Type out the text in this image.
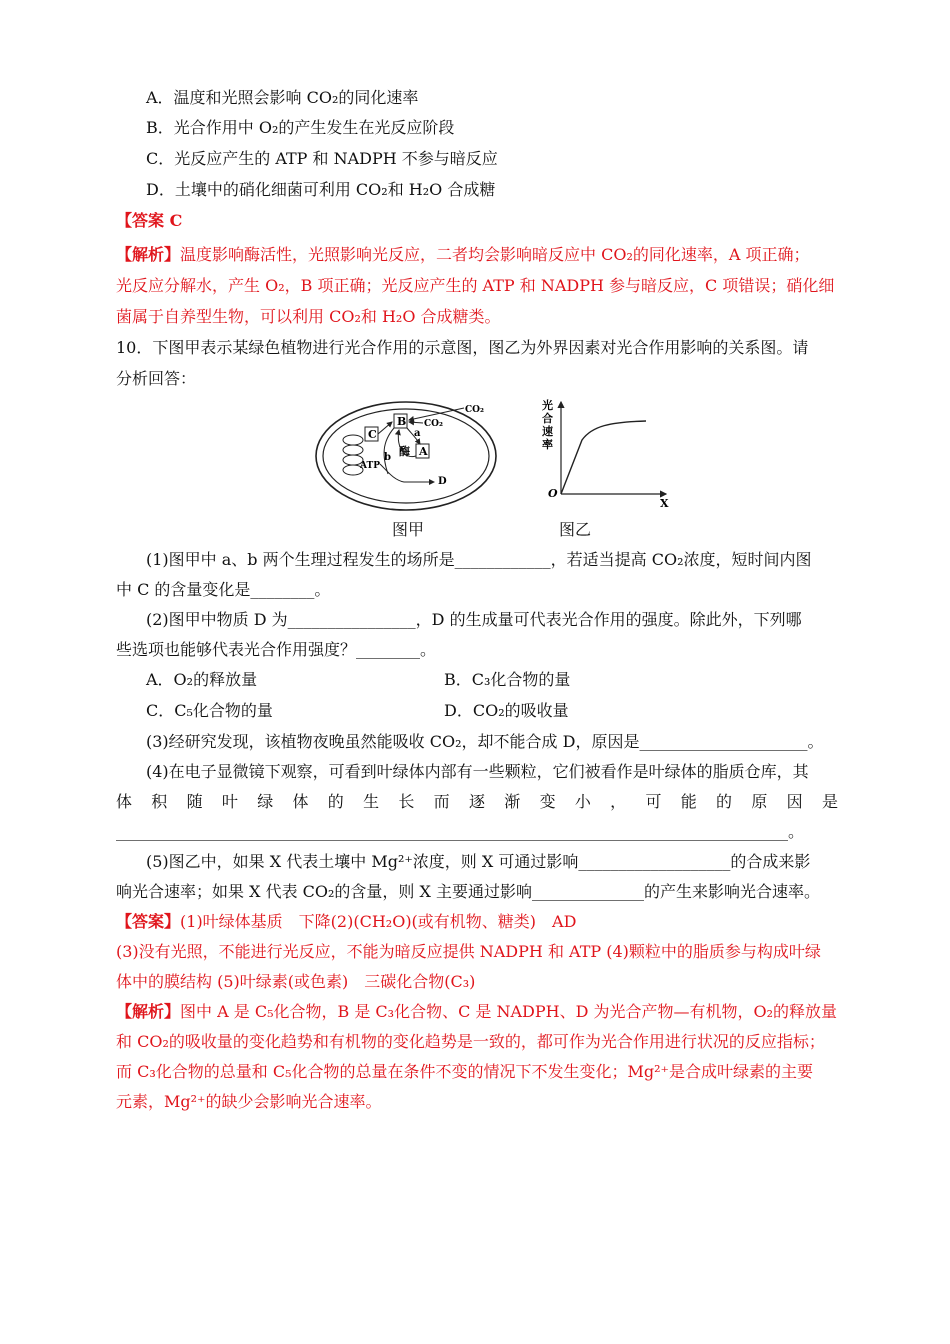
A．温度和光照会影响 CO₂的同化速率
B．光合作用中 O₂的产生发生在光反应阶段
C．光反应产生的 ATP 和 NADPH 不参与暗反应
D．土壤中的硝化细菌可利用 CO₂和 H₂O 合成糖
【答案 C
【解析】温度影响酶活性，光照影响光反应，二者均会影响暗反应中 CO₂的同化速率，A 项正确；
光反应分解水，产生 O₂，B 项正确；光反应产生的 ATP 和 NADPH 参与暗反应，C 项错误；硝化细
菌属于自养型生物，可以利用 CO₂和 H₂O 合成糖类。
10．下图甲表示某绿色植物进行光合作用的示意图，图乙为外界因素对光合作用影响的关系图。请
分析回答：
C
B
A
CO₂
CO₂
a
b 酶
ATP
D
光
合
速
率
O
X
图甲	图乙
(1)图甲中 a、b 两个生理过程发生的场所是____________，若适当提高 CO₂浓度，短时间内图
中 C 的含量变化是________。
(2)图甲中物质 D 为________________，D 的生成量可代表光合作用的强度。除此外，下列哪
些选项也能够代表光合作用强度？________。
A．O₂的释放量	B．C₃化合物的量
C．C₅化合物的量	D．CO₂的吸收量
(3)经研究发现，该植物夜晚虽然能吸收 CO₂，却不能合成 D，原因是_____________________。
(4)在电子显微镜下观察，可看到叶绿体内部有一些颗粒，它们被看作是叶绿体的脂质仓库，其
体 积 随 叶 绿 体 的 生 长 而 逐 渐 变 小 ， 可 能 的 原 因 是
____________________________________________________________________________________。
(5)图乙中，如果 X 代表土壤中 Mg²⁺浓度，则 X 可通过影响___________________的合成来影
响光合速率；如果 X 代表 CO₂的含量，则 X 主要通过影响______________的产生来影响光合速率。
【答案】(1)叶绿体基质　下降(2)(CH₂O)(或有机物、糖类)　AD
(3)没有光照，不能进行光反应，不能为暗反应提供 NADPH 和 ATP (4)颗粒中的脂质参与构成叶绿
体中的膜结构 (5)叶绿素(或色素)　三碳化合物(C₃)
【解析】图中 A 是 C₅化合物，B 是 C₃化合物、C 是 NADPH、D 为光合产物—有机物，O₂的释放量
和 CO₂的吸收量的变化趋势和有机物的变化趋势是一致的，都可作为光合作用进行状况的反应指标；
而 C₃化合物的总量和 C₅化合物的总量在条件不变的情况下不发生变化；Mg²⁺是合成叶绿素的主要
元素，Mg²⁺的缺少会影响光合速率。
